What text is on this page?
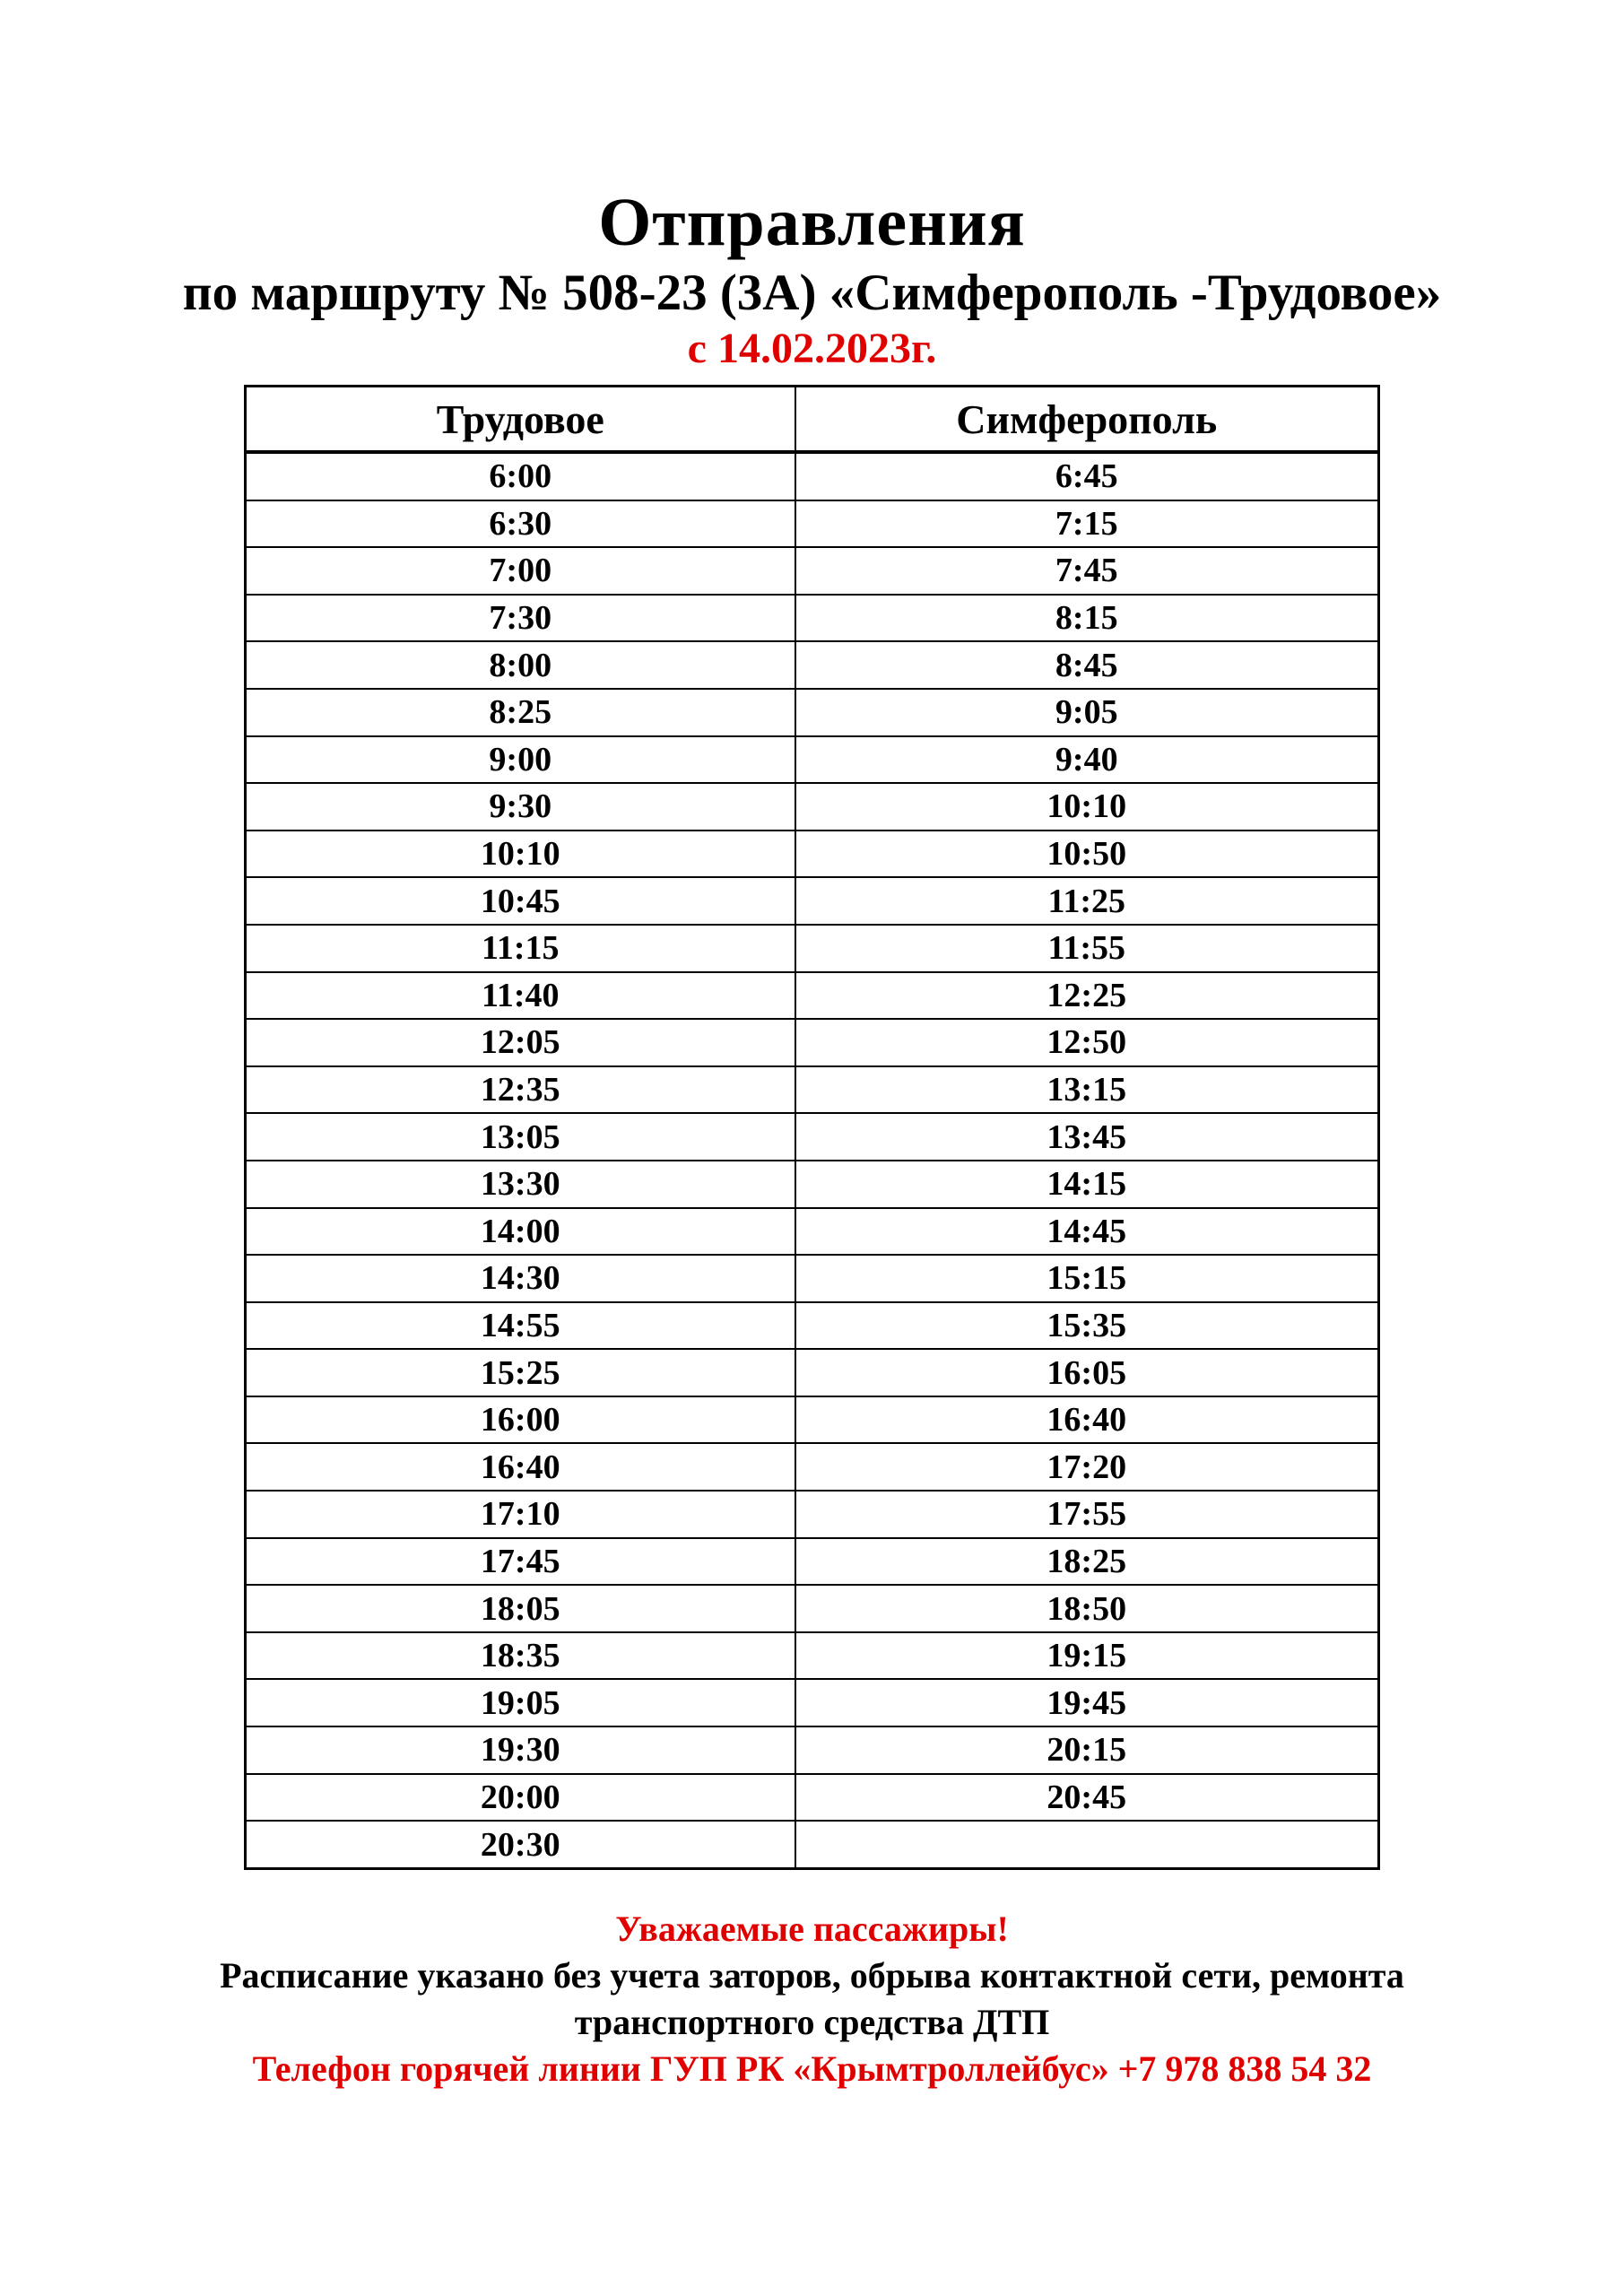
Отправления
по маршруту № 508-23 (3А) «Симферополь -Трудовое»
с 14.02.2023г.
Трудовое	Симферополь
6:00	6:45
6:30	7:15
7:00	7:45
7:30	8:15
8:00	8:45
8:25	9:05
9:00	9:40
9:30	10:10
10:10	10:50
10:45	11:25
11:15	11:55
11:40	12:25
12:05	12:50
12:35	13:15
13:05	13:45
13:30	14:15
14:00	14:45
14:30	15:15
14:55	15:35
15:25	16:05
16:00	16:40
16:40	17:20
17:10	17:55
17:45	18:25
18:05	18:50
18:35	19:15
19:05	19:45
19:30	20:15
20:00	20:45
20:30	
Уважаемые пассажиры!
Расписание указано без учета заторов, обрыва контактной сети, ремонта транспортного средства ДТП
Телефон горячей линии ГУП РК «Крымтроллейбус» +7 978 838 54 32
